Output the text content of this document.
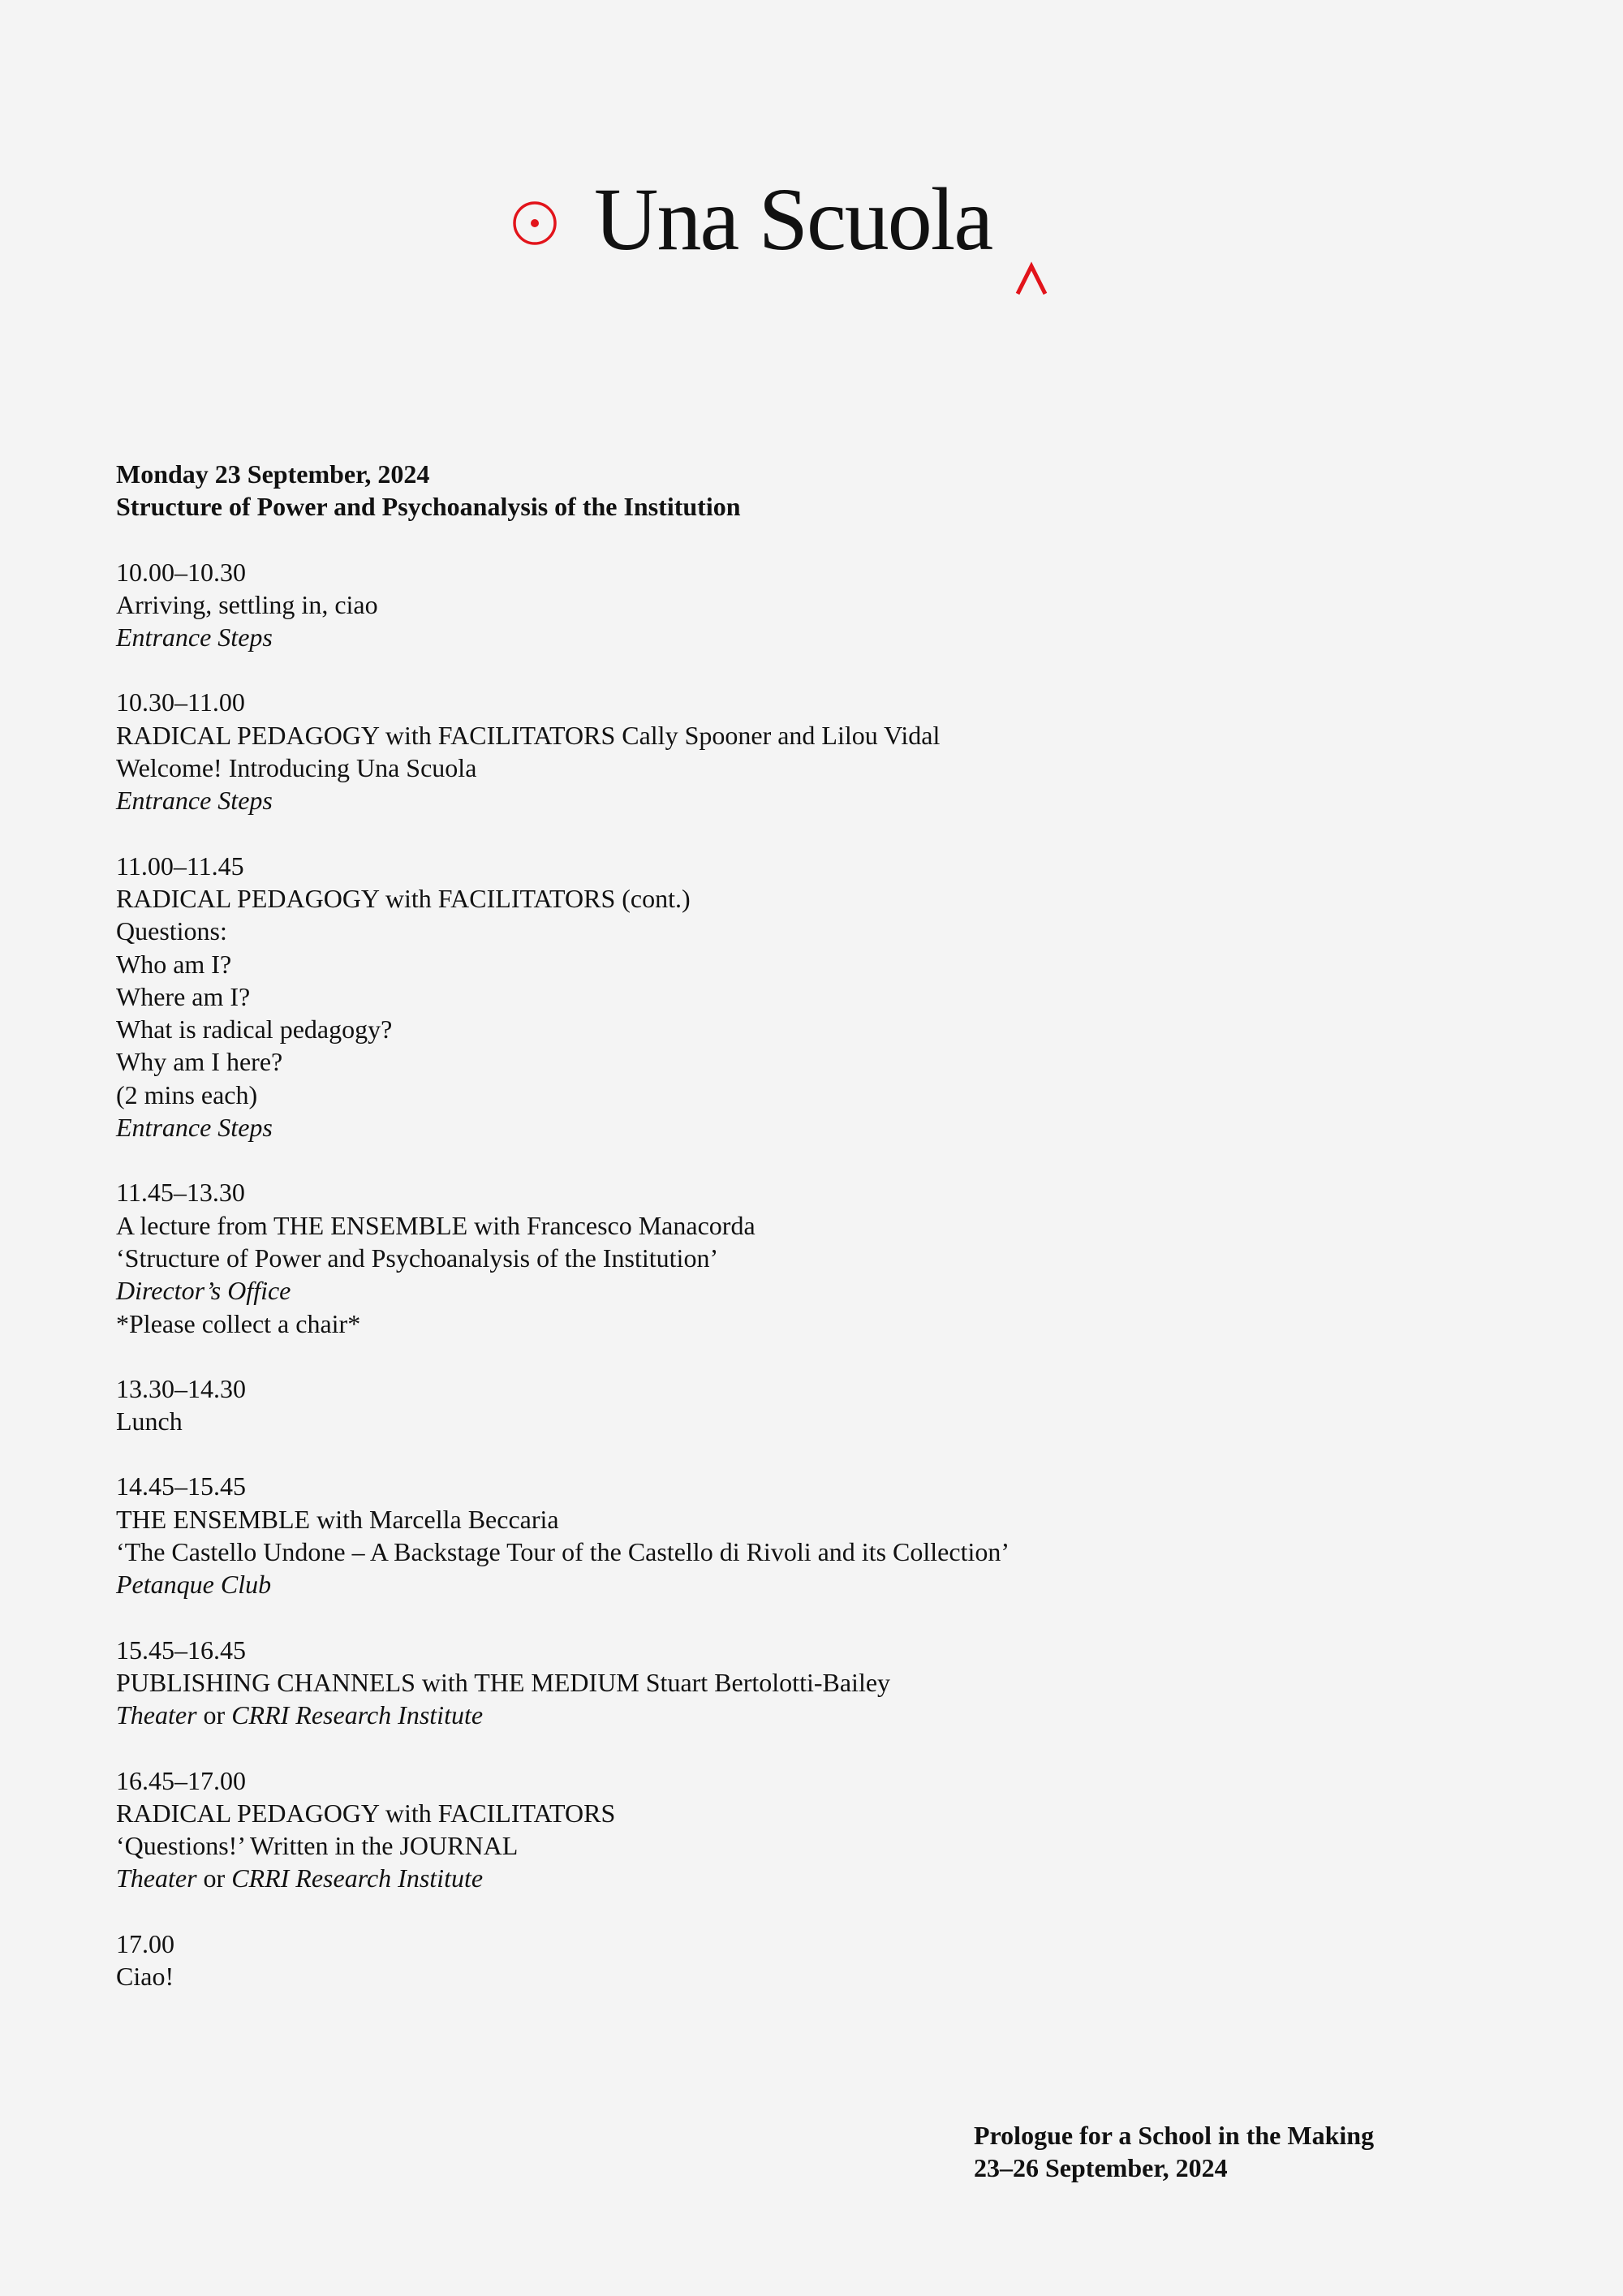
Una Scuola
Monday 23 September, 2024
Structure of Power and Psychoanalysis of the Institution
10.00–10.30
Arriving, settling in, ciao
Entrance Steps
10.30–11.00
RADICAL PEDAGOGY with FACILITATORS Cally Spooner and Lilou Vidal
Welcome! Introducing Una Scuola
Entrance Steps
11.00–11.45
RADICAL PEDAGOGY with FACILITATORS (cont.)
Questions:
Who am I?
Where am I?
What is radical pedagogy?
Why am I here?
(2 mins each)
Entrance Steps
11.45–13.30
A lecture from THE ENSEMBLE with Francesco Manacorda
‘Structure of Power and Psychoanalysis of the Institution’
Director’s Office
*Please collect a chair*
13.30–14.30
Lunch
14.45–15.45
THE ENSEMBLE with Marcella Beccaria
‘The Castello Undone – A Backstage Tour of the Castello di Rivoli and its Collection’
Petanque Club
15.45–16.45
PUBLISHING CHANNELS with THE MEDIUM Stuart Bertolotti-Bailey
Theater or CRRI Research Institute
16.45–17.00
RADICAL PEDAGOGY with FACILITATORS
‘Questions!’ Written in the JOURNAL
Theater or CRRI Research Institute
17.00
Ciao!
Prologue for a School in the Making
23–26 September, 2024
